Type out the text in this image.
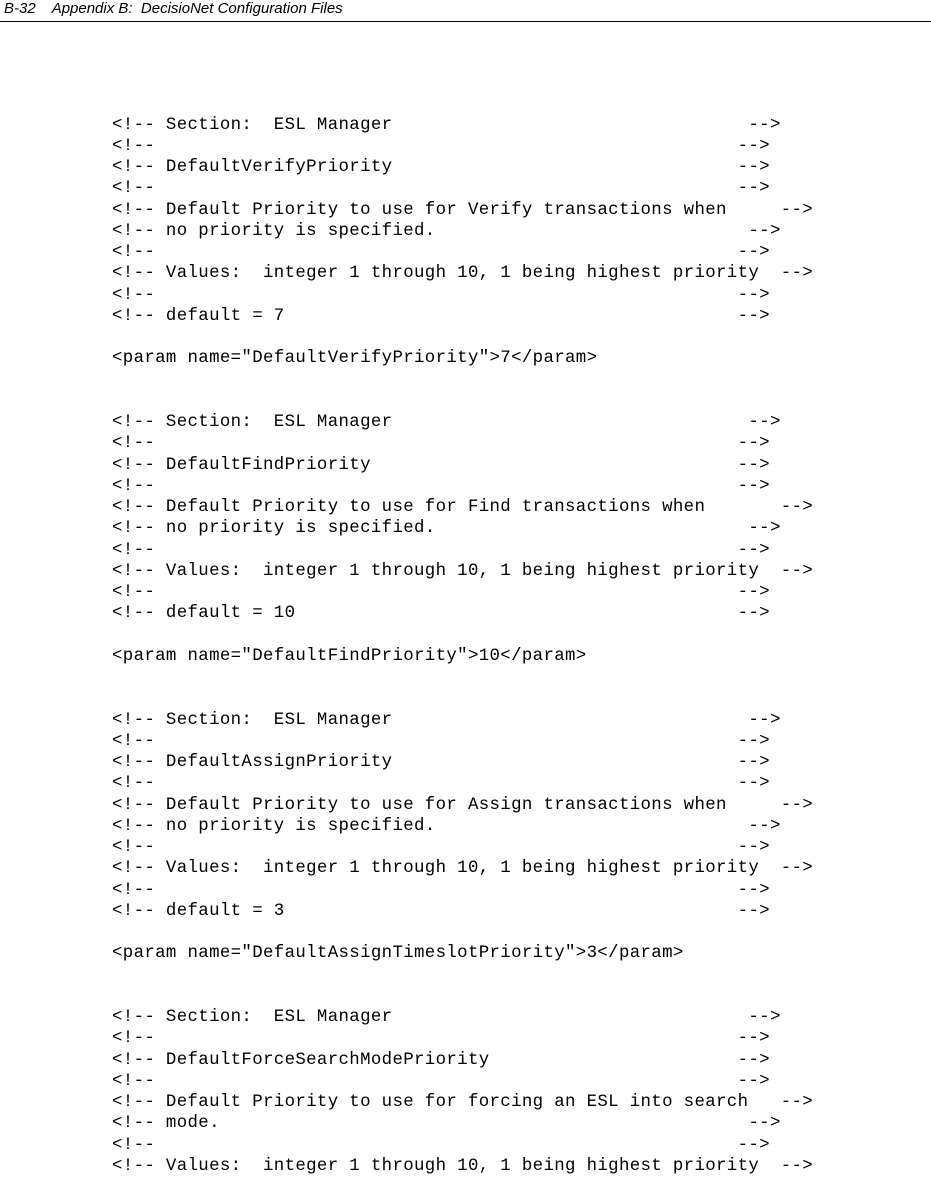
B-32 Appendix B:  DecisioNet Configuration Files

<!-- Section:  ESL Manager                                 -->
<!--                                                      -->
<!-- DefaultVerifyPriority                                -->
<!--                                                      -->
<!-- Default Priority to use for Verify transactions when     -->
<!-- no priority is specified.                             -->
<!--                                                      -->
<!-- Values:  integer 1 through 10, 1 being highest priority  -->
<!--                                                      -->
<!-- default = 7                                          -->
<param name="DefaultVerifyPriority">7</param>
<!-- Section:  ESL Manager                                 -->
<!--                                                      -->
<!-- DefaultFindPriority                                  -->
<!--                                                      -->
<!-- Default Priority to use for Find transactions when       -->
<!-- no priority is specified.                             -->
<!--                                                      -->
<!-- Values:  integer 1 through 10, 1 being highest priority  -->
<!--                                                      -->
<!-- default = 10                                         -->
<param name="DefaultFindPriority">10</param>
<!-- Section:  ESL Manager                                 -->
<!--                                                      -->
<!-- DefaultAssignPriority                                -->
<!--                                                      -->
<!-- Default Priority to use for Assign transactions when     -->
<!-- no priority is specified.                             -->
<!--                                                      -->
<!-- Values:  integer 1 through 10, 1 being highest priority  -->
<!--                                                      -->
<!-- default = 3                                          -->
<param name="DefaultAssignTimeslotPriority">3</param>
<!-- Section:  ESL Manager                                 -->
<!--                                                      -->
<!-- DefaultForceSearchModePriority                       -->
<!--                                                      -->
<!-- Default Priority to use for forcing an ESL into search   -->
<!-- mode.                                                 -->
<!--                                                      -->
<!-- Values:  integer 1 through 10, 1 being highest priority  -->
